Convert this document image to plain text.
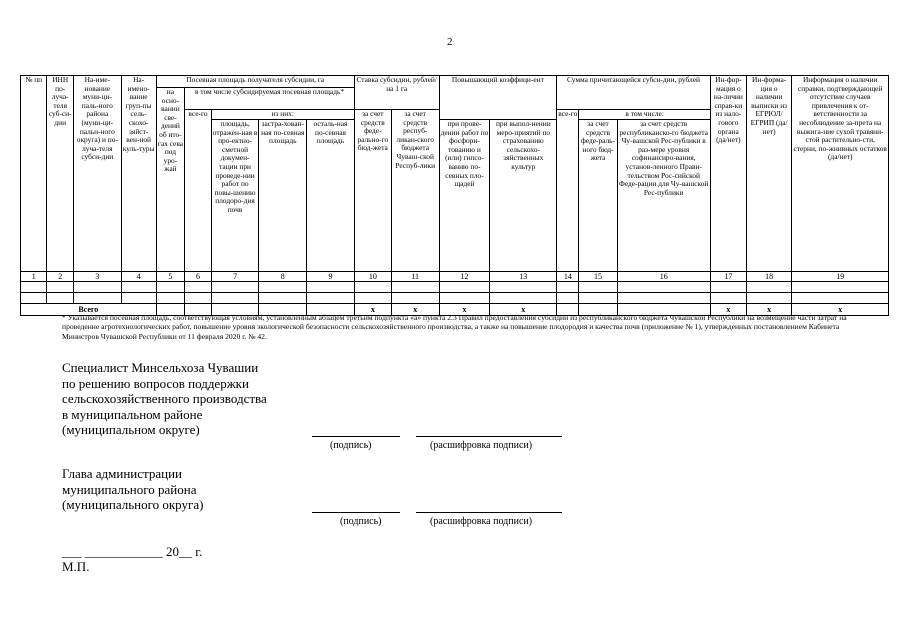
2
№ пп	ИНН по-луча-теля суб-си-дии	На-име-нование муни-ци-паль-ного района (муни-ци-пальн-ного округа) и по-луча-теля субси-дии	На-имено-вание груп-пы сель-скохо-зяйст-вен-ной куль-туры	Посевная площадь получателя субсидии, га					Ставка субсидии, рублей/ на 1 га		Повышающий коэффици-ент		Сумма причитающейся субси-дии, рублей			Ин-фор-мация о на-личии справ-ки из нало-гового органа (да/нет)	Ин-форма-ция о наличии выписки из ЕГРЮЛ/ ЕГРИП (да/нет)	Информация о наличии справки, подтверждающей отсутствие случаев привлечения к от-ветственности за несоблюдение за-прета на выжига-ние сухой травяни-стой растительно-сти, стерни, по-жнивных остатков (да/нет)
				на осно-вании све-дений об ито-гах сева под уро-жай	в том числе субсидируемая посевная площадь*													
					все-го	из них:			за счет средств феде-рально-го бюд-жета	за счет средств респуб-ликан-ского бюджета Чуваш-ской Респуб-лики			все-го	в том числе:				
						площадь, отражен-ная в про-ектно-сметной докумен-тации при проведе-нии работ по повы-шению плодоро-дия почв	застра-хован-ная по-севная площадь	осталь-ная по-севная площадь			при прове-дении работ по фосфори-тованию и (или) гипсо-ванию по-севных пло-щадей	при выпол-нении меро-приятий по страхованию сельскохо-зяйственных культур		за счет средств феде-раль-ного бюд-жета	за счет средств республиканско-го бюджета Чу-вашской Рес-публики в раз-мере уровня софинансиро-вания, установ-ленного Прави-тельством Рос-сийской Феде-рации для Чу-вашской Рес-публики			
1	2	3	4	5	6	7	8	9	10	11	12	13	14	15	16	17	18	19

Всего									х	х	х	х				х	х	х
* Указывается посевная площадь, соответствующая условиям, установленным абзацем третьим подпункта «а» пункта 2.3 Правил предоставления субсидий из республиканского бюджета Чувашской Республики на возмещение части затрат на проведение агротехнологических работ, повышение уровня экологической безопасности сельскохозяйственного производства, а также на повышение плодородия и качества почв (приложение № 1), утвержденных постановлением Кабинета Министров Чувашской Республики от 11 февраля 2020 г. № 42.
Специалист Минсельхоза Чувашии
по решению вопросов поддержки
сельскохозяйственного производства
в муниципальном районе
(муниципальном округе)
(подпись)	(расшифровка подписи)
Глава администрации
муниципального района
(муниципального округа)
(подпись)	(расшифровка подписи)
___ ____________ 20__ г.
М.П.
